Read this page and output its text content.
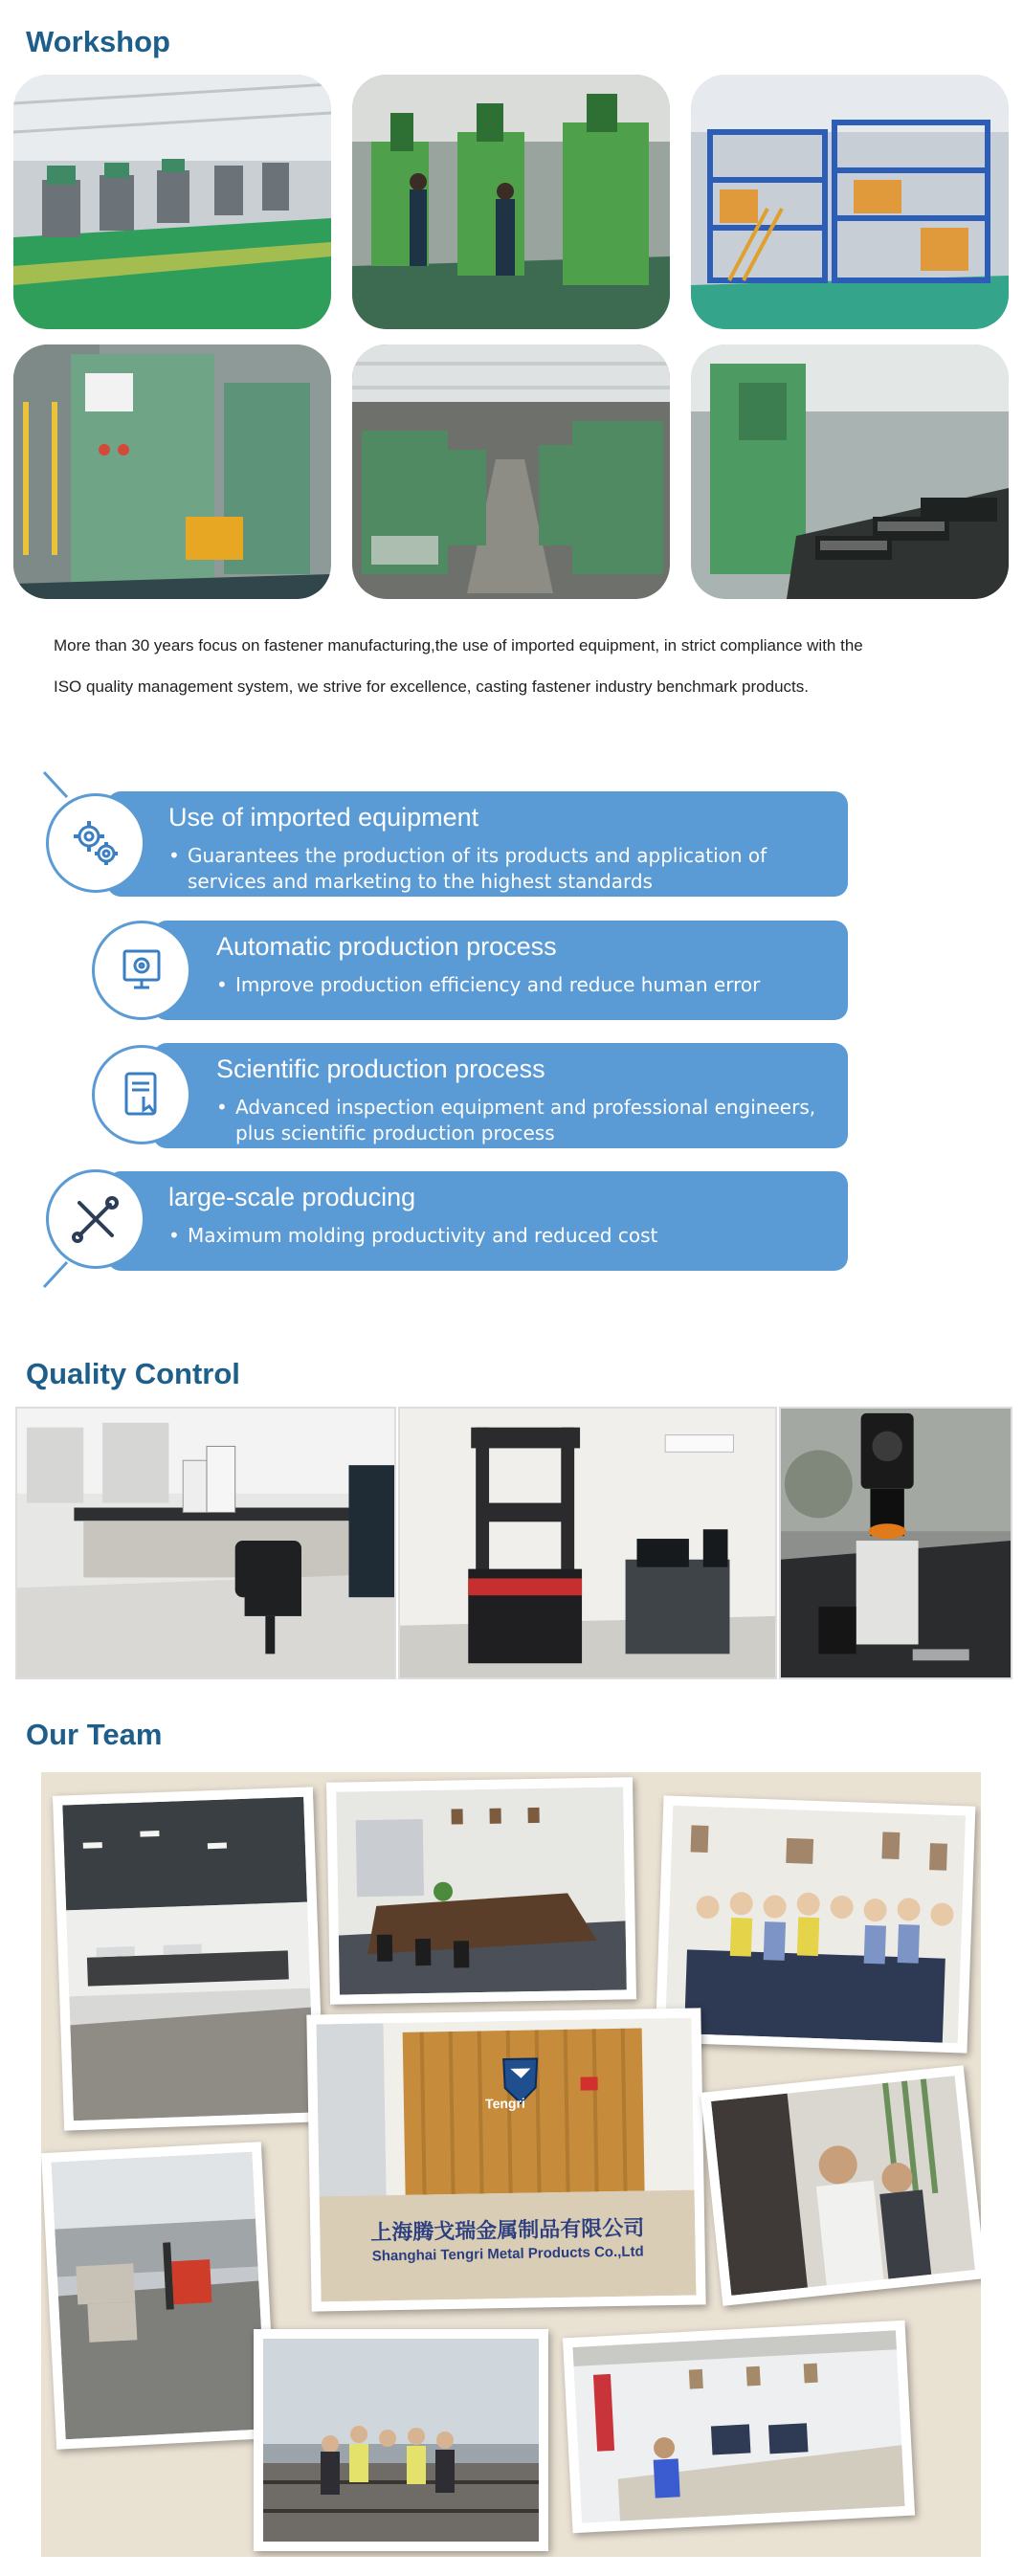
Workshop

More than 30 years focus on fastener manufacturing,the use of imported equipment, in strict compliance with the

ISO quality management system, we strive for excellence, casting fastener industry benchmark products.

Use of imported equipment

• Guarantees the production of its products and application of
services and marketing to the highest standards

Automatic production process

• Improve production efficiency and reduce human error

Scientific production process

• Advanced inspection equipment and professional engineers,
plus scientific production process

large-scale producing

• Maximum molding productivity and reduced cost

Quality Control
Our Team
Tengri
上海腾戈瑞金属制品有限公司
Shanghai Tengri Metal Products Co.,Ltd
